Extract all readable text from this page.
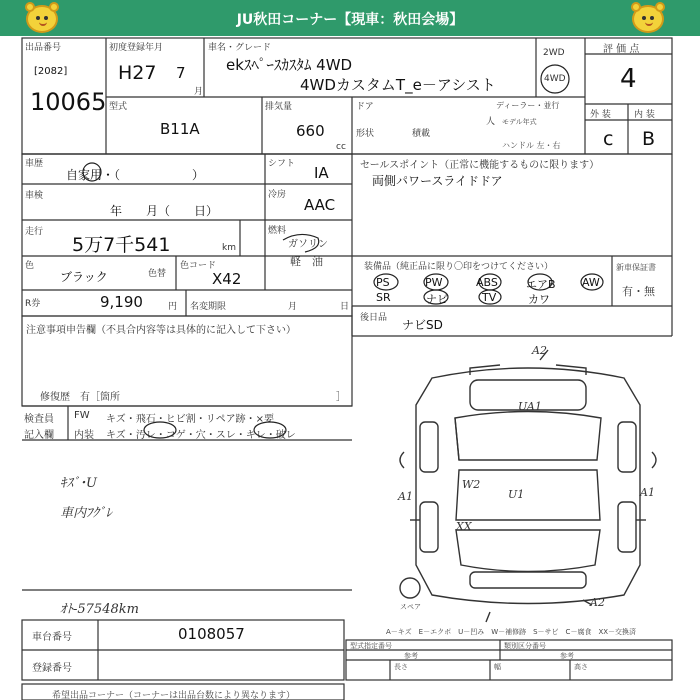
JU秋田コーナー【現車：秋田会場】
出品番号
[2082]
10065
初度登録年月
H27 7
月
車名・グレード
ekｽﾍﾟｰｽｶｽﾀﾑ 4WD
4WDカスタムT_e－アシスト
2WD
4WD
評 価 点
4
外 装	内 装
c B
型式
B11A
排気量
660
cc
ドア
形状	積載
ディーラー・並行
人 モデル年式
ハンドル 左・右
車歴
自家用・（　　　　　　）
シフト IA
冷房
AAC
車検
年　　月（　　日）
走行
5万7千541	km
燃料
ガソリン
軽　油
色
ブラック	色替
色コード
X42
R券	9,190	円 名変期限	月	日
セールスポイント（正常に機能するものに限ります）
両側パワースライドドア
装備品（純正品に限り〇印をつけてください）
PS	PW	ABS	エアB AW
SR	ナビ	TV	カワ
新車保証書
有・無
後日品 ナビSD
注意事項申告欄（不具合内容等は具体的に記入して下さい）
修復歴　有［箇所	］
検査員
記入欄
FW
内装
キズ・飛石・ヒビ割・リペア跡・×要
キズ・汚レ・コゲ・穴・スレ・キレ・破レ
ｷｽﾞ･U
車内ﾌｸﾞﾚ
ｵﾄ-57548km
A2
UA1
W2
U1
A1	A1
XX
A2
スペア
A－キズ　E－エクボ　U－凹み　W－補修跡　S－サビ　C－腐食　XX－交換済
車台番号	0108057
登録番号
型式指定番号	類別区分番号
参考	参考
長さ	幅	高さ
希望出品コーナー（コーナーは出品台数により異なります）
